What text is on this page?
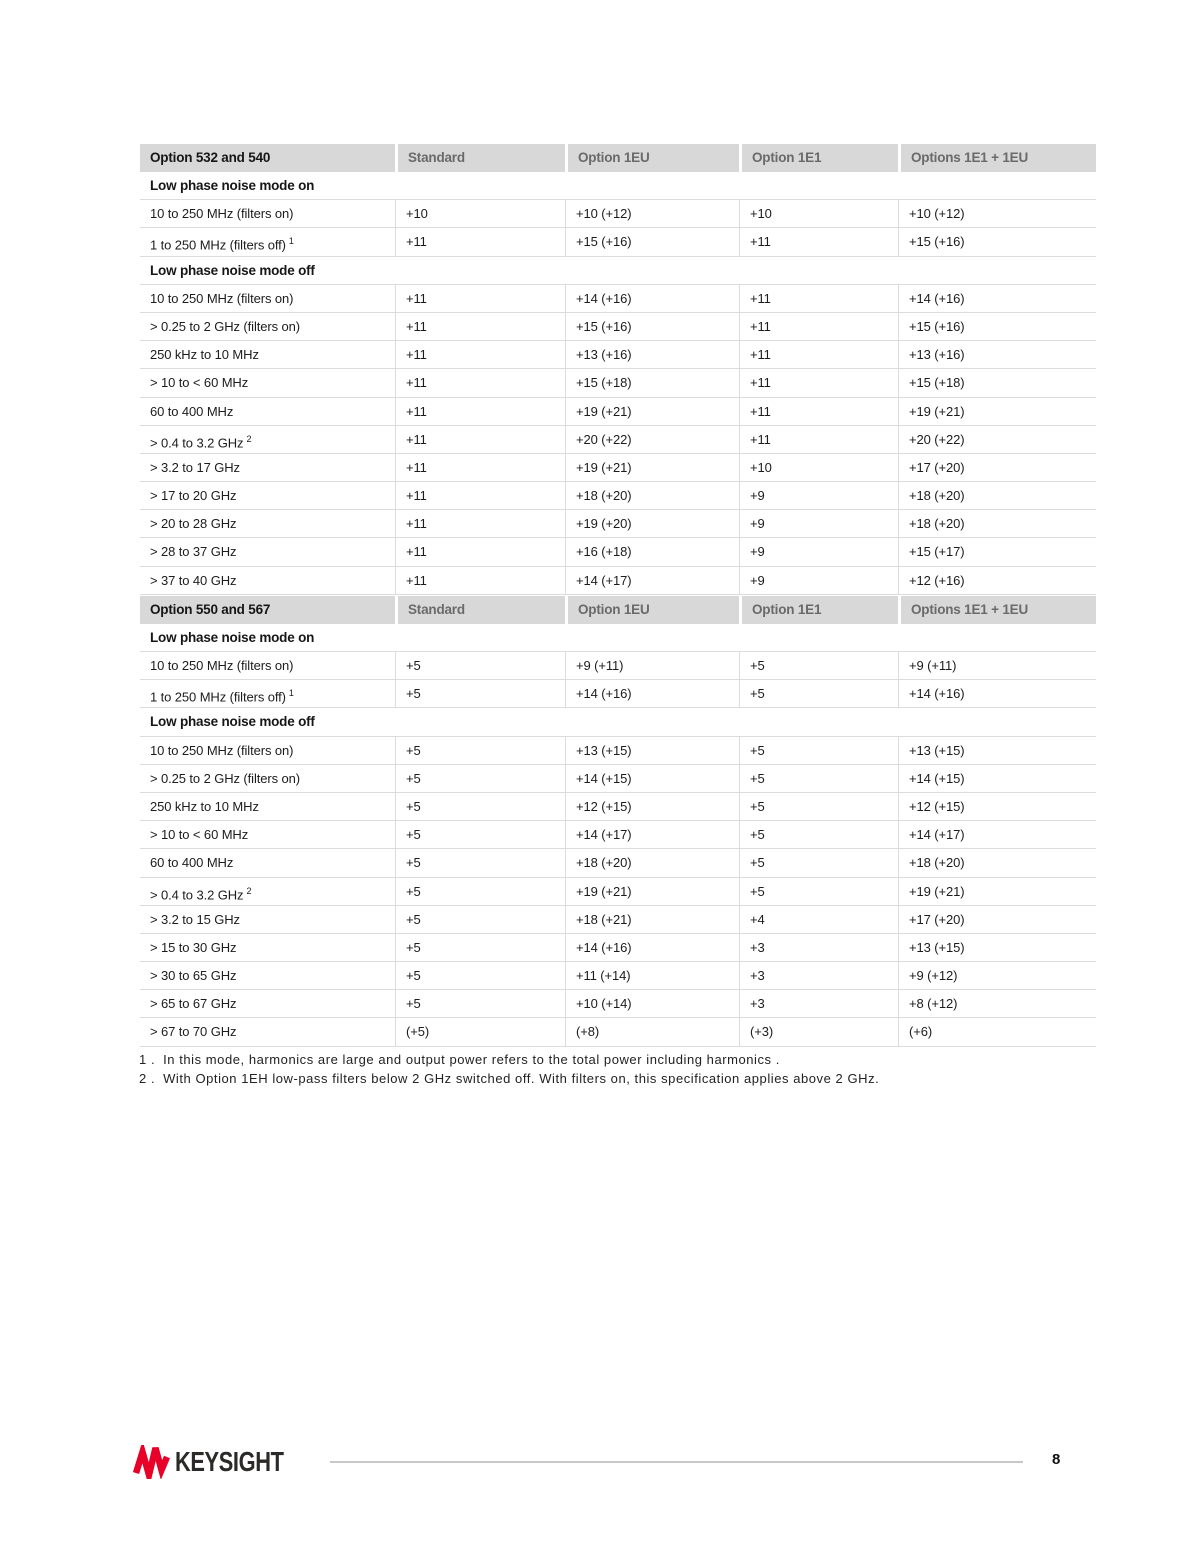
Option 532 and 540	Standard	Option 1EU	Option 1E1	Options 1E1 + 1EU
Low phase noise mode on
10 to 250 MHz (filters on)	+10	+10 (+12)	+10	+10 (+12)
1 to 250 MHz (filters off) $^1$	+11	+15 (+16)	+11	+15 (+16)
Low phase noise mode off
10 to 250 MHz (filters on)	+11	+14 (+16)	+11	+14 (+16)
> 0.25 to 2 GHz (filters on)	+11	+15 (+16)	+11	+15 (+16)
250 kHz to 10 MHz	+11	+13 (+16)	+11	+13 (+16)
> 10 to < 60 MHz	+11	+15 (+18)	+11	+15 (+18)
60 to 400 MHz	+11	+19 (+21)	+11	+19 (+21)
> 0.4 to 3.2 GHz $^2$	+11	+20 (+22)	+11	+20 (+22)
> 3.2 to 17 GHz	+11	+19 (+21)	+10	+17 (+20)
> 17 to 20 GHz	+11	+18 (+20)	+9	+18 (+20)
> 20 to 28 GHz	+11	+19 (+20)	+9	+18 (+20)
> 28 to 37 GHz	+11	+16 (+18)	+9	+15 (+17)
> 37 to 40 GHz	+11	+14 (+17)	+9	+12 (+16)
Option 550 and 567	Standard	Option 1EU	Option 1E1	Options 1E1 + 1EU
Low phase noise mode on
10 to 250 MHz (filters on)	+5	+9 (+11)	+5	+9 (+11)
1 to 250 MHz (filters off) $^1$	+5	+14 (+16)	+5	+14 (+16)
Low phase noise mode off
10 to 250 MHz (filters on)	+5	+13 (+15)	+5	+13 (+15)
> 0.25 to 2 GHz (filters on)	+5	+14 (+15)	+5	+14 (+15)
250 kHz to 10 MHz	+5	+12 (+15)	+5	+12 (+15)
> 10 to < 60 MHz	+5	+14 (+17)	+5	+14 (+17)
60 to 400 MHz	+5	+18 (+20)	+5	+18 (+20)
> 0.4 to 3.2 GHz $^2$	+5	+19 (+21)	+5	+19 (+21)
> 3.2 to 15 GHz	+5	+18 (+21)	+4	+17 (+20)
> 15 to 30 GHz	+5	+14 (+16)	+3	+13 (+15)
> 30 to 65 GHz	+5	+11 (+14)	+3	+9 (+12)
> 65 to 67 GHz	+5	+10 (+14)	+3	+8 (+12)
> 67 to 70 GHz	(+5)	(+8)	(+3)	(+6)
1 . In this mode, harmonics are large and output power refers to the total power including harmonics .
2 . With Option 1EH low-pass filters below 2 GHz switched off. With filters on, this specification applies above 2 GHz.
KEYSIGHT	8
